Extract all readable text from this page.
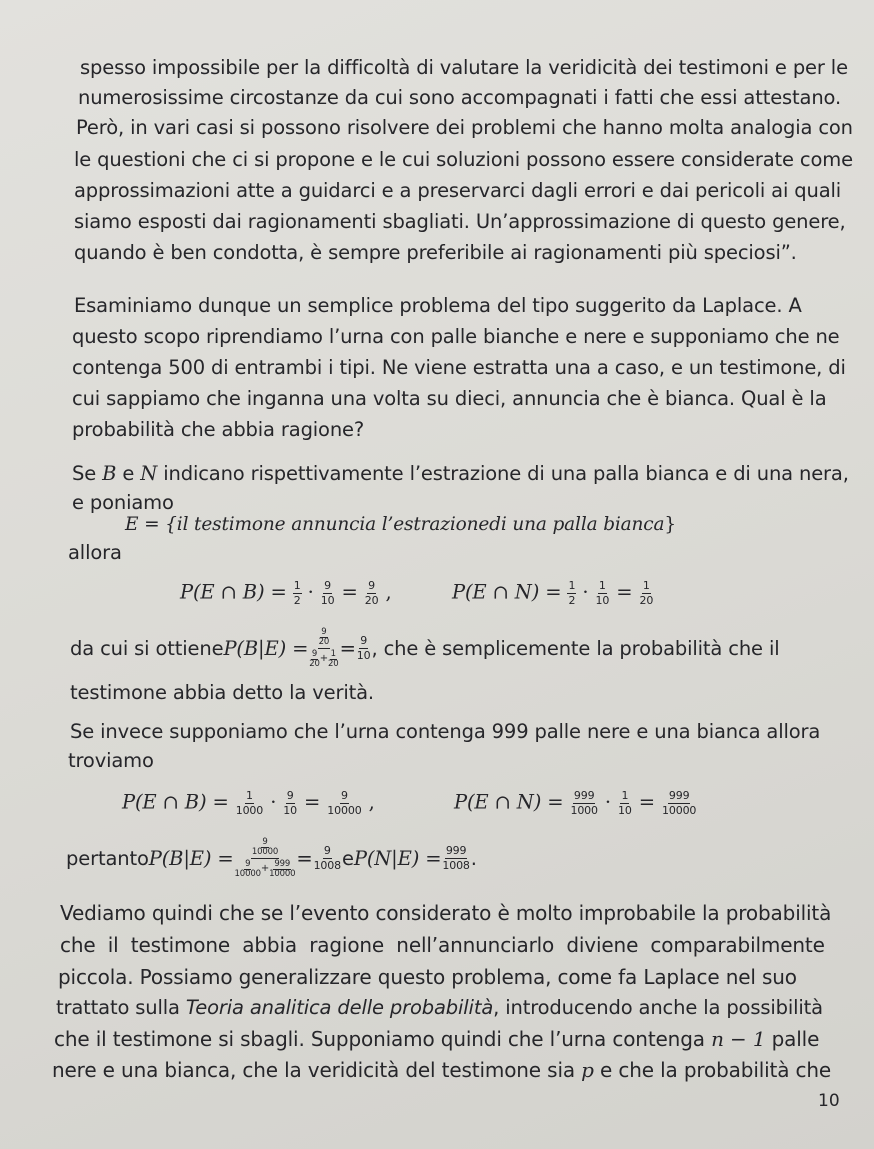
spesso impossibile per la difficoltà di valutare la veridicità dei testimoni e per le
numerosissime circostanze da cui sono accompagnati i fatti che essi attestano.
Però, in vari casi si possono risolvere dei problemi che hanno molta analogia con
le questioni che ci si propone e le cui soluzioni possono essere considerate come
approssimazioni atte a guidarci e a preservarci dagli errori e dai pericoli ai quali
siamo esposti dai ragionamenti sbagliati. Un’approssimazione di questo genere,
quando è ben condotta, è sempre preferibile ai ragionamenti più speciosi”.
Esaminiamo dunque un semplice problema del tipo suggerito da Laplace. A
questo scopo riprendiamo l’urna con palle bianche e nere e supponiamo che ne
contenga 500 di entrambi i tipi. Ne viene estratta una a caso, e un testimone, di
cui sappiamo che inganna una volta su dieci, annuncia che è bianca. Qual è la
probabilità che abbia ragione?
Se B e N indicano rispettivamente l’estrazione di una palla bianca e di una nera,
e poniamo
E = {il testimone annuncia l’estrazionedi una palla bianca}
allora
P(E ∩ $B) = \frac{1}{2} \cdot \frac{9}{10} = \frac{9}{20}$ ,	P(E ∩ $N) = \frac{1}{2} \cdot \frac{1}{10} = \frac{1}{20}$
da cui si ottiene $P(B|E) = \frac{\frac{9}{20}}{\frac{9}{20} + \frac{1}{20}} = \frac{9}{10}$ , che è semplicemente la probabilità che il
testimone abbia detto la verità.
Se invece supponiamo che l’urna contenga 999 palle nere e una bianca allora
troviamo
P(E ∩ $B) = \frac{1}{1000} \cdot \frac{9}{10} = \frac{9}{10000}$ ,	P(E ∩ $N) = \frac{999}{1000} \cdot \frac{1}{10} = \frac{999}{10000}$
pertanto $P(B|E) = \frac{\frac{9}{10000}}{\frac{9}{10000} + \frac{999}{10000}} = \frac{9}{1008}$ e $P(N|E) = \frac{999}{1008}$ .
Vediamo quindi che se l’evento considerato è molto improbabile la probabilità
che il testimone abbia ragione nell’annunciarlo diviene comparabilmente
piccola. Possiamo generalizzare questo problema, come fa Laplace nel suo
trattato sulla Teoria analitica delle probabilità, introducendo anche la possibilità
che il testimone si sbagli. Supponiamo quindi che l’urna contenga n − 1 palle
nere e una bianca, che la veridicità del testimone sia p e che la probabilità che
10
